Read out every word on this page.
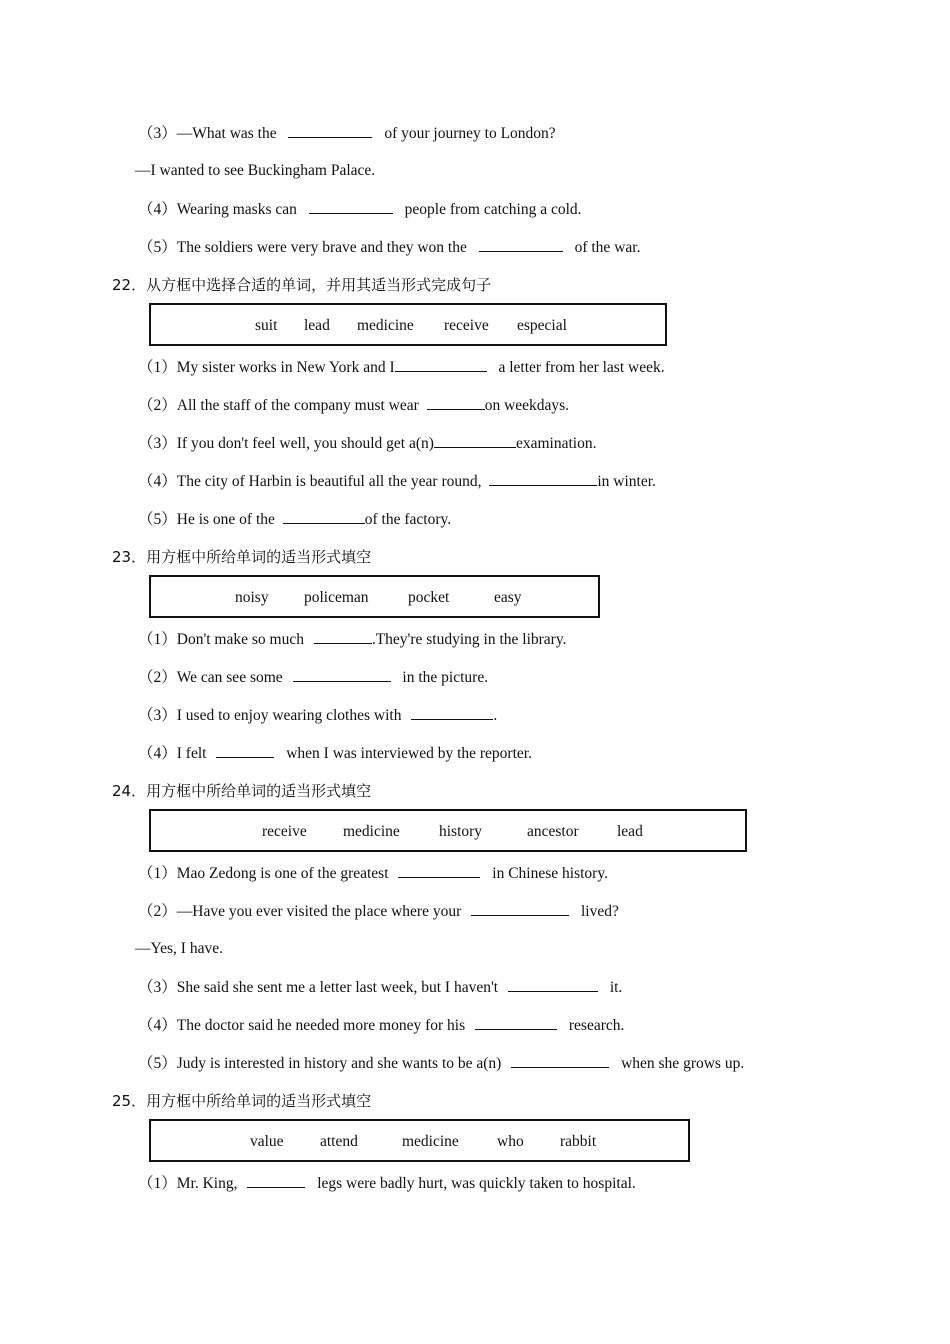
（3）—What was the	of your journey to London?
—I wanted to see Buckingham Palace.
（4）Wearing masks can	people from catching a cold.
（5）The soldiers were very brave and they won the	of the war.
22．从方框中选择合适的单词，并用其适当形式完成句子
suit lead medicine receive especial
（1）My sister works in New York and I	a letter from her last week.
（2）All the staff of the company must wear	on weekdays.
（3）If you don't feel well, you should get a(n)	examination.
（4）The city of Harbin is beautiful all the year round,	in winter.
（5）He is one of the	of the factory.
23．用方框中所给单词的适当形式填空
noisy policeman	pocket	easy
（1）Don't make so much	.They're studying in the library.
（2）We can see some	in the picture.
（3）I used to enjoy wearing clothes with	.
（4）I felt	when I was interviewed by the reporter.
24．用方框中所给单词的适当形式填空
receive medicine	history	ancestor lead
（1）Mao Zedong is one of the greatest	in Chinese history.
（2）—Have you ever visited the place where your	lived?
—Yes, I have.
（3）She said she sent me a letter last week, but I haven't	it.
（4）The doctor said he needed more money for his	research.
（5）Judy is interested in history and she wants to be a(n)	when she grows up.
25．用方框中所给单词的适当形式填空
value attend	medicine who rabbit
（1）Mr. King,	legs were badly hurt, was quickly taken to hospital.
